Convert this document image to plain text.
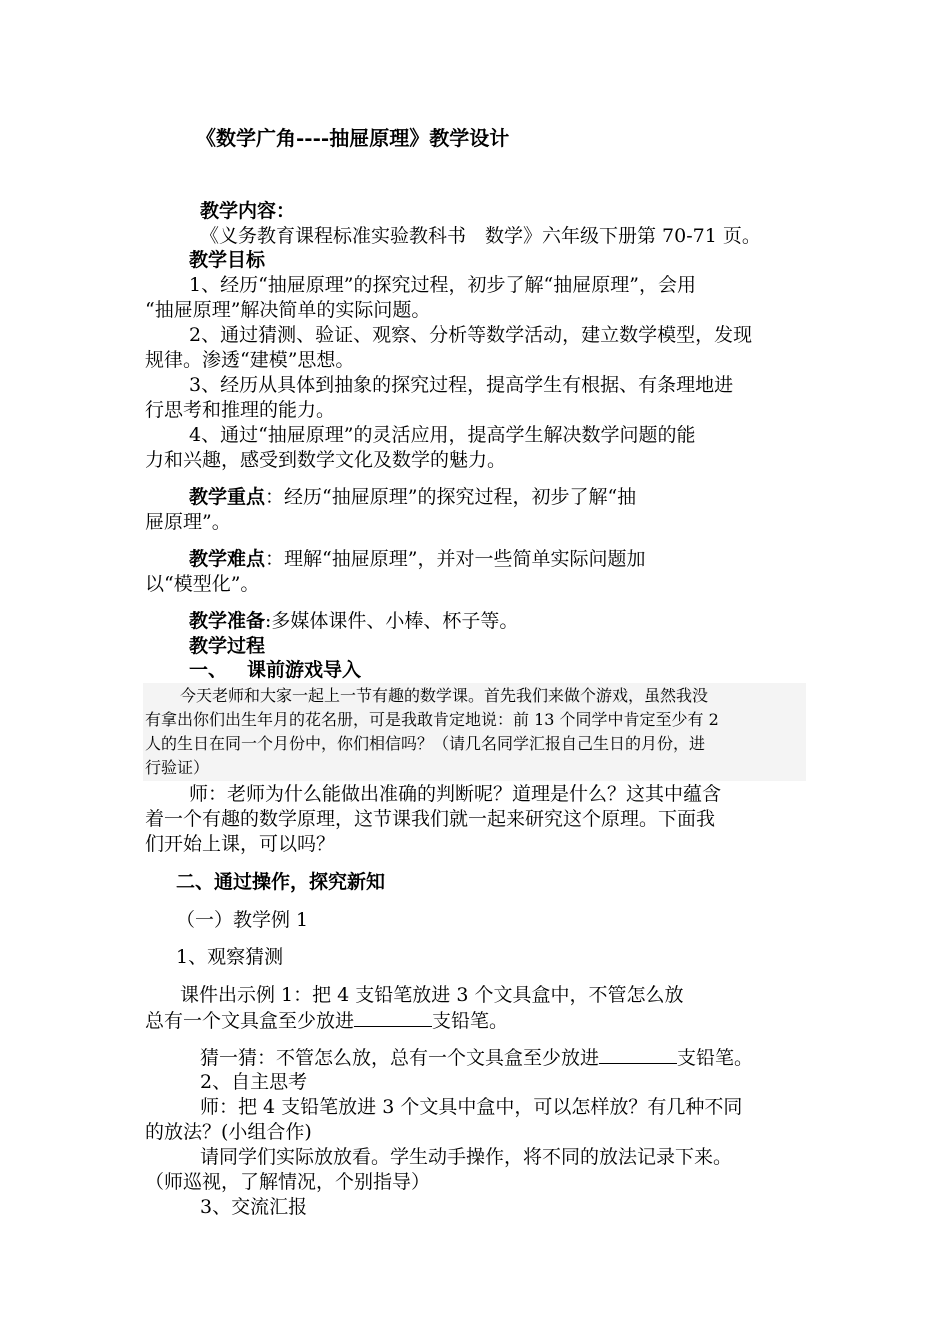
《数学广角----抽屉原理》教学设计
教学内容：
《义务教育课程标准实验教科书　数学》六年级下册第 70-71 页。
教学目标
1、经历“抽屉原理”的探究过程，初步了解“抽屉原理”，会用
“抽屉原理”解决简单的实际问题。
2、通过猜测、验证、观察、分析等数学活动，建立数学模型，发现
规律。渗透“建模”思想。
3、经历从具体到抽象的探究过程，提高学生有根据、有条理地进
行思考和推理的能力。
4、通过“抽屉原理”的灵活应用，提高学生解决数学问题的能
力和兴趣，感受到数学文化及数学的魅力。
教学重点：经历“抽屉原理”的探究过程，初步了解“抽
屉原理”。
教学难点：理解“抽屉原理”，并对一些简单实际问题加
以“模型化”。
教学准备:多媒体课件、小棒、杯子等。
教学过程
一、 课前游戏导入
今天老师和大家一起上一节有趣的数学课。首先我们来做个游戏，虽然我没
有拿出你们出生年月的花名册，可是我敢肯定地说：前 13 个同学中肯定至少有 2
人的生日在同一个月份中，你们相信吗？（请几名同学汇报自己生日的月份，进
行验证）
师：老师为什么能做出准确的判断呢？道理是什么？这其中蕴含
着一个有趣的数学原理，这节课我们就一起来研究这个原理。下面我
们开始上课，可以吗？
二、通过操作，探究新知
（一）教学例 1
1、观察猜测
课件出示例 1：把 4 支铅笔放进 3 个文具盒中，不管怎么放
总有一个文具盒至少放进	支铅笔。
猜一猜：不管怎么放，总有一个文具盒至少放进	支铅笔。
2、自主思考
师：把 4 支铅笔放进 3 个文具中盒中，可以怎样放？有几种不同
的放法？(小组合作)
请同学们实际放放看。学生动手操作，将不同的放法记录下来。
（师巡视，了解情况，个别指导）
3、交流汇报
